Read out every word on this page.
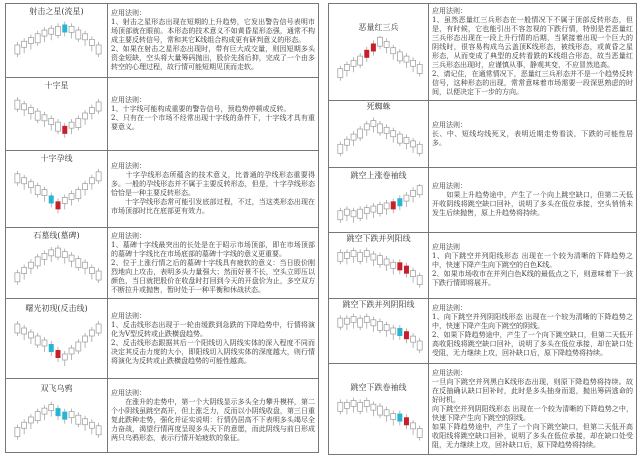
射击之星(流星)	应用法则：
1、射击之星形态出现在短期的上升趋势，它发出警告信号表明市场顶部就在眼前。本形态的技术意义不如黄昏星形态强，通常不构成主要反转信号，常和其它K线组合构成更有研判意义的形态。
2、如果在射击之星形态出现时，带有巨大成交量，则因短期多头资金短缺，空头将大量筹码抛出，股价先扬后抑，完成了一个由多转空的心理过程，故行情可能短期见顶而走软。
十字星
应用法则：
1、十字线可能构成重要的警告信号，预趋势停顿或反转。
2、只有在一个市场不经常出现十字线的条件下，十字线才具有重要意义。
十字孕线
应用法则：
　　十字孕线形态所蕴含的技术意义，比普通的孕线形态重要得多。一般的孕线形态并不属于主要反转形态，但是，十字孕线形态恰恰是一种主要反转形态。
　　十字孕线形态常可能引发底部过程，不过，当这类形态出现在市场顶部时比在底部更有效力。
石墓线(墓碑)	应用法则：
1、墓碑十字线最突出的长处是在于昭示市场顶部，即在市场顶部的墓碑十字线比在市场底部的墓碑十字线的意义更重要。
2、位于上涨行情之后的墓碑十字线具有疲软的意义：当日股价刚烈地向上攻击，表明多头力量强大；然而好景不长，空头立即压以颜色，当日就把股价在收盘时打回到今天的开盘价为止，多空双方不断拉升或抛售，暂时处于一种平衡和休战状态。
曙光初现(反击线)
应用法则：
1、反击线形态出现于一轮由缓跌到急跌的下降趋势中，行情将演化为V型反转或止跌横盘趋势。
2、反击线形态跟据其后一个阳线切入阴线实体的深入程度不同而决定其反击力度的大小，即阳线切入阴线实体的深度越大，则行情将演化为反转或止跌横盘趋势的可能性越高。
双飞乌鸦	应用法则：
　　在涨升的走势中，第一个大阴线显示多头全力攀升模样，第二个小阴线虽跳空高开，但上涨乏力，反而以小阴线收盘，第三日重复此跌种走势，强化并证实说明：行情仍居高不下表明多头竭尽全力奋战，渴望行情再度呈现多头天下的意愿，而此阴线与前日形成两只乌鸦形态，表示行情开始疲软的象征。
恶量红三兵
应用法则：
1、虽然恶量红三兵形态在一般情况下不属于顶部反转形态，但是，有时候，它也能引出不容忽视的下跌行情，特别是若恶量红三兵形态出现在一段上升行情的后期，当紧接着出现一个巨大的阴线时，很容易构成乌云盖顶K线形态，被线形态，或黄昏之星形态，从而变成了典型的反转看跌的K线组合形态，故当恶量红三兵形态出现时，应谨慎从事，静观其变，不应冒然追高。
2、请记住，在通常情况下，恶量红三兵形态并不是一个趋势反转信号，这种形态的出现，常常意味着市场需要一段深思熟虑的时间，以便决定下一步的方向。
死蜘蛛
应用法则：
长、中、短线均线死叉，表明近期走势看淡，下跌的可能性居多。
跳空上涨卷袖线
应用法则：
　　如果上升趋势途中，产生了一个向上跳空缺口，但第二天低开收阴线将跳空缺口回补，说明了多头在低位承接，空头悄悄未发生后续抛售，原上升趋势将持续。
跳空下跌并列阳线
应用法则
1、向下跳空并列阳线形态 出现在一个较为清晰的下降趋势之中，快速下降产生向下跳空的白色K线。
2、如果市场收市在并列白色K线的最低点之下，则意味着下一波下跌行情即将展开。
跳空下跌并列阴阳线	应用法则：
1、向下跳空并列阴阳线形态 出现在一个较为清晰的下降趋势之中，快速下降产生向下跳空的阴线。
2、如果下降趋势途中，产生了一个向下跳空缺口，但第二天低开高收阳线将跳空缺口回补，说明了多头在低位承接，却在缺口处受阻，无力继续上攻，回补缺口后，原下降趋势将持续。
跳空下跌卷袖线
应用法则：
一旦向下跳空并列黑白K线形态出现，则原下降趋势将持续。故在反抽确认缺口回补时，此时是多头抽身而退，抛出筹码逃命的好时机。
向下跳空并列阴阳线形态 出现在一个较为清晰的下降趋势之中，快速下降产生向下跳空的阴线。
如果下降趋势途中，产生了一个向下跳空缺口，但第二天低开高收阳线将跳空缺口回补，说明了多头在低位承接，却在缺口处受阻，无力继续上攻，回补缺口后，原下降趋势将持续。
